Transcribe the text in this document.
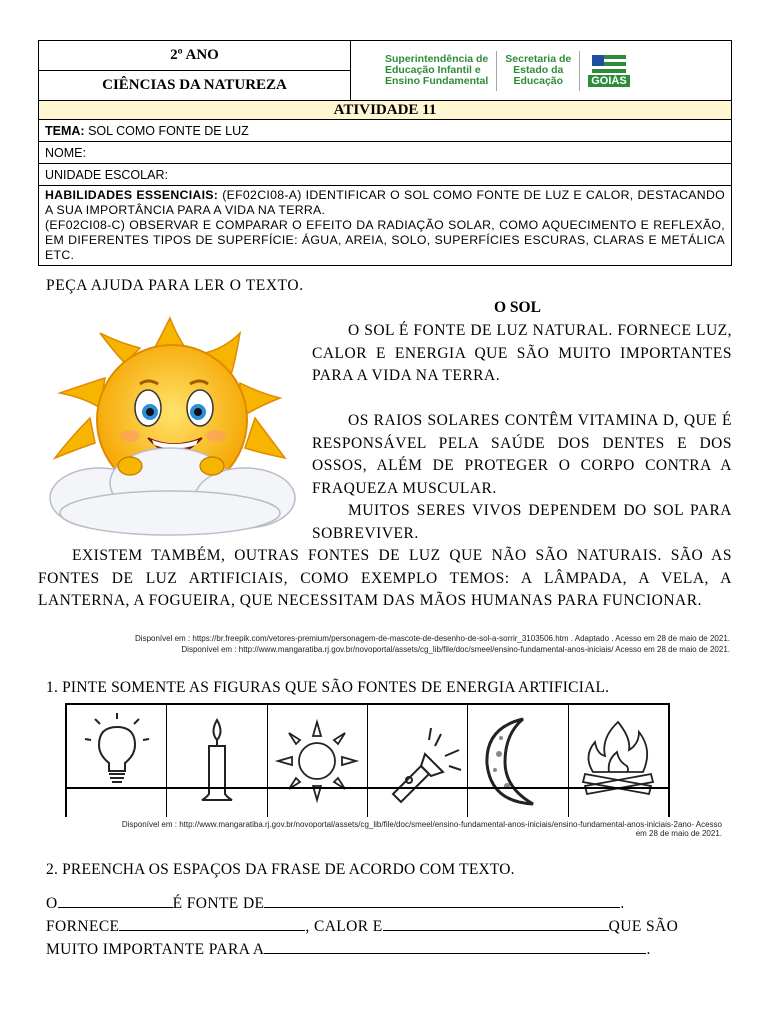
2º ANO
CIÊNCIAS DA NATUREZA
Superintendência de
Educação Infantil e
Ensino Fundamental
Secretaria de
Estado da
Educação	GOIÁS
ATIVIDADE 11
TEMA:
SOL COMO FONTE DE LUZ
NOME:
UNIDADE ESCOLAR:
HABILIDADES ESSENCIAIS: (EF02CI08-A) IDENTIFICAR O SOL COMO FONTE DE LUZ E CALOR, DESTACANDO A SUA IMPORTÂNCIA PARA A VIDA NA TERRA.
(EF02CI08-C) OBSERVAR E COMPARAR O EFEITO DA RADIAÇÃO SOLAR, COMO AQUECIMENTO E REFLEXÃO, EM DIFERENTES TIPOS DE SUPERFÍCIE: ÁGUA, AREIA, SOLO, SUPERFÍCIES ESCURAS, CLARAS E METÁLICA ETC.
PEÇA AJUDA PARA LER O TEXTO.
O SOL
O SOL É FONTE DE LUZ NATURAL. FORNECE LUZ, CALOR E ENERGIA QUE SÃO MUITO IMPORTANTES PARA A VIDA NA TERRA.
OS RAIOS SOLARES CONTÊM VITAMINA D, QUE É RESPONSÁVEL PELA SAÚDE DOS DENTES E DOS OSSOS, ALÉM DE PROTEGER O CORPO CONTRA A FRAQUEZA MUSCULAR.
MUITOS SERES VIVOS DEPENDEM DO SOL PARA SOBREVIVER.
EXISTEM TAMBÉM, OUTRAS FONTES DE LUZ QUE NÃO SÃO NATURAIS. SÃO AS FONTES DE LUZ ARTIFICIAIS, COMO EXEMPLO TEMOS: A LÂMPADA, A VELA, A LANTERNA, A FOGUEIRA, QUE NECESSITAM DAS MÃOS HUMANAS PARA FUNCIONAR.
Disponível em : https://br.freepik.com/vetores-premium/personagem-de-mascote-de-desenho-de-sol-a-sorrir_3103506.htm . Adaptado . Acesso em 28 de maio de 2021.
Disponível em : http://www.mangaratiba.rj.gov.br/novoportal/assets/cg_lib/file/doc/smeel/ensino-fundamental-anos-iniciais/ Acesso em 28 de maio de 2021.
1. PINTE SOMENTE AS FIGURAS QUE SÃO FONTES DE ENERGIA ARTIFICIAL.
Disponível em : http://www.mangaratiba.rj.gov.br/novoportal/assets/cg_lib/file/doc/smeel/ensino-fundamental-anos-iniciais/ensino-fundamental-anos-iniciais-2ano- Acesso
em 28 de maio de 2021.
2. PREENCHA OS ESPAÇOS DA FRASE DE ACORDO COM TEXTO.
O	É FONTE DE	.
FORNECE	, CALOR E	QUE SÃO
MUITO IMPORTANTE PARA A	.
